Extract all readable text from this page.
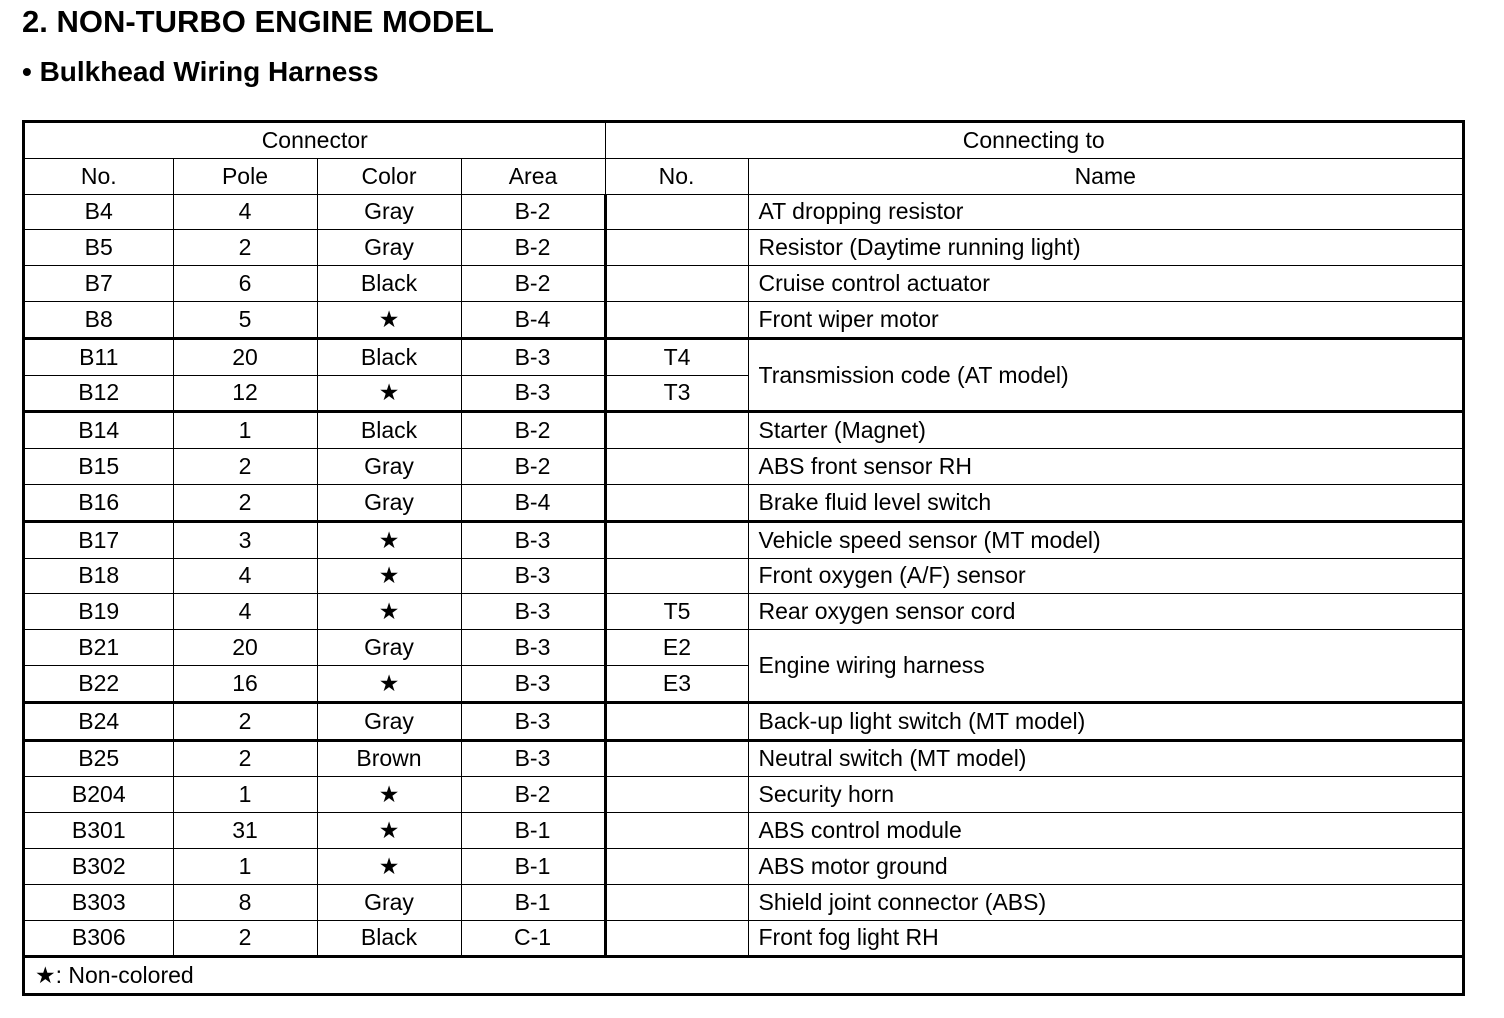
2. NON-TURBO ENGINE MODEL
• Bulkhead Wiring Harness
Connector				Connecting to	
No.	Pole	Color	Area	No.	Name
B4	4	Gray	B-2		AT dropping resistor
B5	2	Gray	B-2		Resistor (Daytime running light)
B7	6	Black	B-2		Cruise control actuator
B8	5	★	B-4		Front wiper motor
B11	20	Black	B-3	T4	Transmission code (AT model)
B12	12	★	B-3	T3	
B14	1	Black	B-2		Starter (Magnet)
B15	2	Gray	B-2		ABS front sensor RH
B16	2	Gray	B-4		Brake fluid level switch
B17	3	★	B-3		Vehicle speed sensor (MT model)
B18	4	★	B-3		Front oxygen (A/F) sensor
B19	4	★	B-3	T5	Rear oxygen sensor cord
B21	20	Gray	B-3	E2	Engine wiring harness
B22	16	★	B-3	E3	
B24	2	Gray	B-3		Back-up light switch (MT model)
B25	2	Brown	B-3		Neutral switch (MT model)
B204	1	★	B-2		Security horn
B301	31	★	B-1		ABS control module
B302	1	★	B-1		ABS motor ground
B303	8	Gray	B-1		Shield joint connector (ABS)
B306	2	Black	C-1		Front fog light RH
★: Non-colored					
